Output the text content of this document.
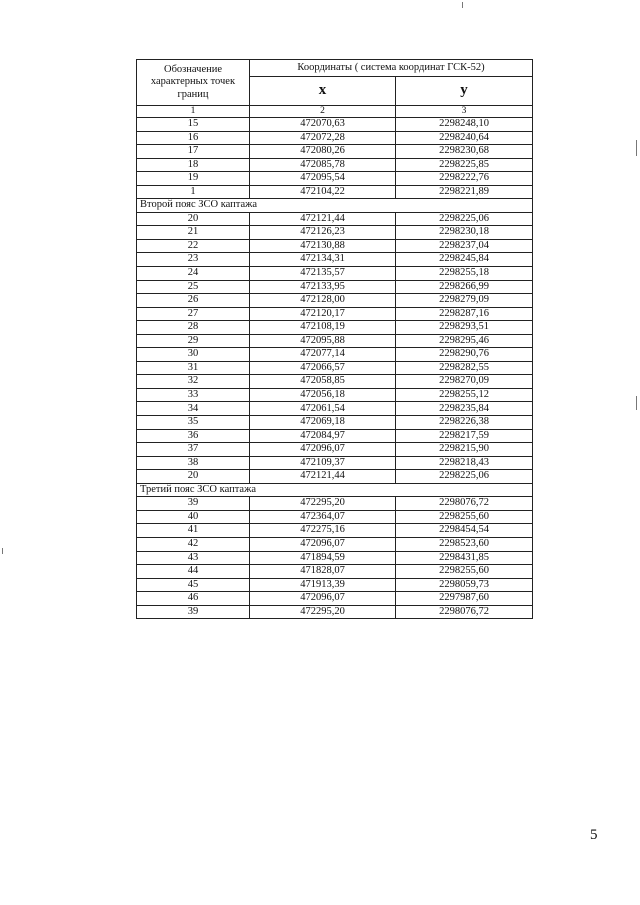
Обозначение характерных точек границ	Координаты ( система координат ГСК-52)	
	x	у
1	2	3
15	472070,63	2298248,10
16	472072,28	2298240,64
17	472080,26	2298230,68
18	472085,78	2298225,85
19	472095,54	2298222,76
1	472104,22	2298221,89
Второй пояс ЗСО каптажа		
20	472121,44	2298225,06
21	472126,23	2298230,18
22	472130,88	2298237,04
23	472134,31	2298245,84
24	472135,57	2298255,18
25	472133,95	2298266,99
26	472128,00	2298279,09
27	472120,17	2298287,16
28	472108,19	2298293,51
29	472095,88	2298295,46
30	472077,14	2298290,76
31	472066,57	2298282,55
32	472058,85	2298270,09
33	472056,18	2298255,12
34	472061,54	2298235,84
35	472069,18	2298226,38
36	472084,97	2298217,59
37	472096,07	2298215,90
38	472109,37	2298218,43
20	472121,44	2298225,06
Третий пояс ЗСО каптажа		
39	472295,20	2298076,72
40	472364,07	2298255,60
41	472275,16	2298454,54
42	472096,07	2298523,60
43	471894,59	2298431,85
44	471828,07	2298255,60
45	471913,39	2298059,73
46	472096,07	2297987,60
39	472295,20	2298076,72
5
